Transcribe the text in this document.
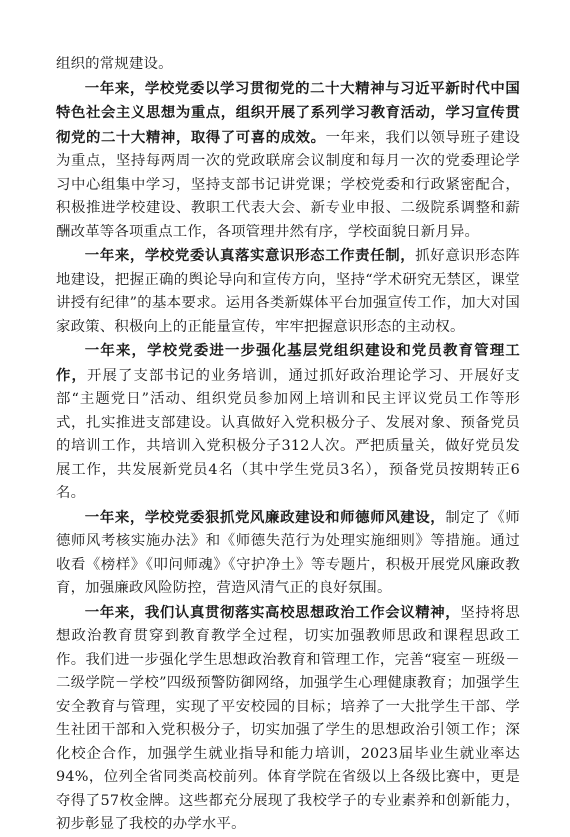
组织的常规建设。

一年来，学校党委以学习贯彻党的二十大精神与习近平新时代中国特色社会主义思想为重点，组织开展了系列学习教育活动，学习宣传贯彻党的二十大精神，取得了可喜的成效。一年来，我们以领导班子建设为重点，坚持每两周一次的党政联席会议制度和每月一次的党委理论学习中心组集中学习，坚持支部书记讲党课；学校党委和行政紧密配合，积极推进学校建设、教职工代表大会、新专业申报、二级院系调整和薪酬改革等各项重点工作，各项管理井然有序，学校面貌日新月异。

一年来，学校党委认真落实意识形态工作责任制，抓好意识形态阵地建设，把握正确的舆论导向和宣传方向，坚持“学术研究无禁区，课堂讲授有纪律”的基本要求。运用各类新媒体平台加强宣传工作，加大对国家政策、积极向上的正能量宣传，牢牢把握意识形态的主动权。

一年来，学校党委进一步强化基层党组织建设和党员教育管理工作，开展了支部书记的业务培训，通过抓好政治理论学习、开展好支部“主题党日”活动、组织党员参加网上培训和民主评议党员工作等形式，扎实推进支部建设。认真做好入党积极分子、发展对象、预备党员的培训工作，共培训入党积极分子312人次。严把质量关，做好党员发展工作，共发展新党员4名（其中学生党员3名），预备党员按期转正6名。

一年来，学校党委狠抓党风廉政建设和师德师风建设，制定了《师德师风考核实施办法》和《师德失范行为处理实施细则》等措施。通过收看《榜样》《叩问师魂》《守护净土》等专题片，积极开展党风廉政教育，加强廉政风险防控，营造风清气正的良好氛围。

一年来，我们认真贯彻落实高校思想政治工作会议精神，坚持将思想政治教育贯穿到教育教学全过程，切实加强教师思政和课程思政工作。我们进一步强化学生思想政治教育和管理工作，完善“寝室－班级－二级学院－学校”四级预警防御网络，加强学生心理健康教育；加强学生安全教育与管理，实现了平安校园的目标；培养了一大批学生干部、学生社团干部和入党积极分子，切实加强了学生的思想政治引领工作；深化校企合作，加强学生就业指导和能力培训，2023届毕业生就业率达94%，位列全省同类高校前列。体育学院在省级以上各级比赛中，更是夺得了57枚金牌。这些都充分展现了我校学子的专业素养和创新能力，初步彰显了我校的办学水平。
